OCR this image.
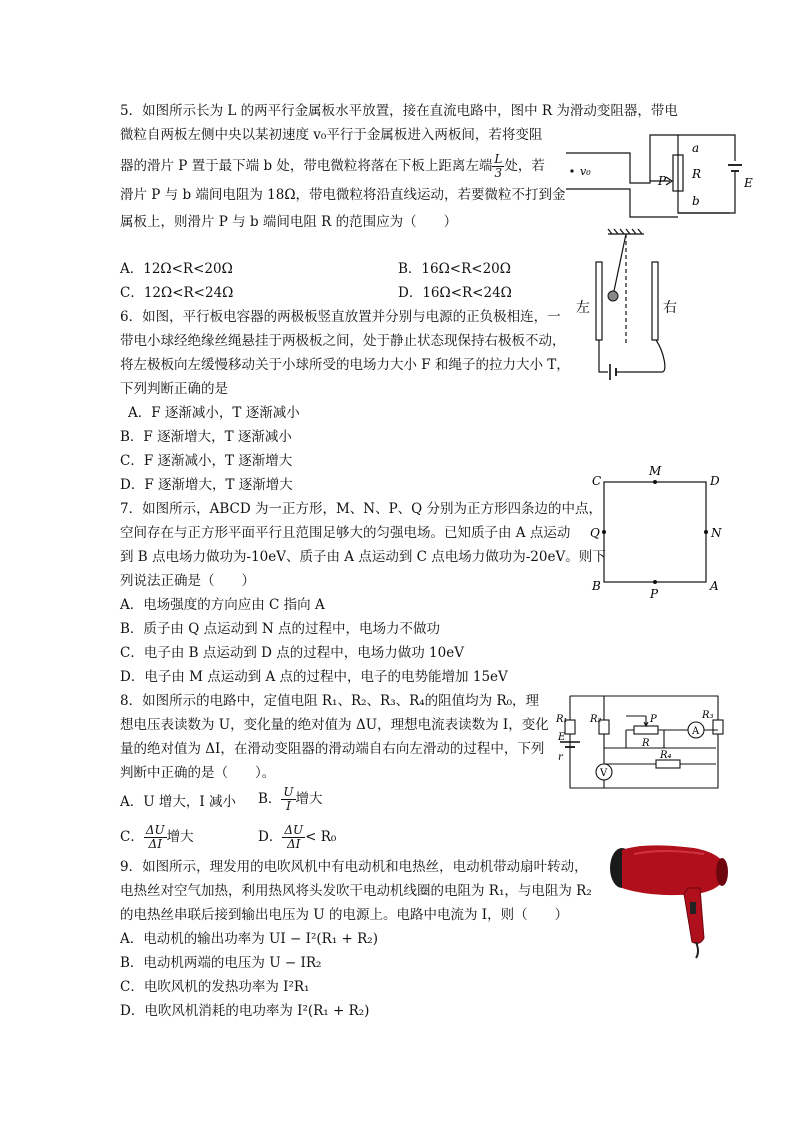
5．如图所示长为 L 的两平行金属板水平放置，接在直流电路中，图中 R 为滑动变阻器，带电
微粒自两板左侧中央以某初速度 v₀平行于金属板进入两板间，若将变阻
器的滑片 P 置于最下端 b 处，带电微粒将落在下板上距离左端 $\frac{L}{3}$ 处，若
滑片 P 与 b 端间电阻为 18Ω，带电微粒将沿直线运动，若要微粒不打到金
属板上，则滑片 P 与 b 端间电阻 R 的范围应为（　　）
A．12Ω<R<20Ω	B．16Ω<R<20Ω
C．12Ω<R<24Ω	D．16Ω<R<24Ω
v₀
P
a
R
b
E
6．如图，平行板电容器的两极板竖直放置并分别与电源的正负极相连，一
带电小球经绝缘丝绳悬挂于两极板之间，处于静止状态现保持右极板不动，
将左极板向左缓慢移动关于小球所受的电场力大小 F 和绳子的拉力大小 T，
下列判断正确的是
A．F 逐渐减小，T 逐渐减小
B．F 逐渐增大，T 逐渐减小
C．F 逐渐减小，T 逐渐增大
D．F 逐渐增大，T 逐渐增大
左	右
7．如图所示，ABCD 为一正方形，M、N、P、Q 分别为正方形四条边的中点，
空间存在与正方形平面平行且范围足够大的匀强电场。已知质子由 A 点运动
到 B 点电场力做功为-10eV、质子由 A 点运动到 C 点电场力做功为-20eV。则下
列说法正确是（　　）
A．电场强度的方向应由 C 指向 A
B．质子由 Q 点运动到 N 点的过程中，电场力不做功
C．电子由 B 点运动到 D 点的过程中，电场力做功 10eV
D．电子由 M 点运动到 A 点的过程中，电子的电势能增加 15eV
C
M
D
Q	N
B
P
A
8．如图所示的电路中，定值电阻 R₁、R₂、R₃、R₄的阻值均为 R₀，理
想电压表读数为 U，变化量的绝对值为 ΔU，理想电流表读数为 I，变化
量的绝对值为 ΔI，在滑动变阻器的滑动端自右向左滑动的过程中，下列
判断中正确的是（　　）。
A．U 增大，I 减小 B． $\frac{U}{I}$ 增大
C． $\frac{\Delta U}{\Delta I}$ 增大	D． $\frac{\Delta U}{\Delta I} < R_0$
R₁ R₂	R₃
R₄
R
P
E
r
A
V
9．如图所示，理发用的电吹风机中有电动机和电热丝，电动机带动扇叶转动，
电热丝对空气加热，利用热风将头发吹干电动机线圈的电阻为 R₁，与电阻为 R₂
的电热丝串联后接到输出电压为 U 的电源上。电路中电流为 I，则（　　）
A．电动机的输出功率为 UI − I²(R₁ + R₂)
B．电动机两端的电压为 U − IR₂
C．电吹风机的发热功率为 I²R₁
D．电吹风机消耗的电功率为 I²(R₁ + R₂)
